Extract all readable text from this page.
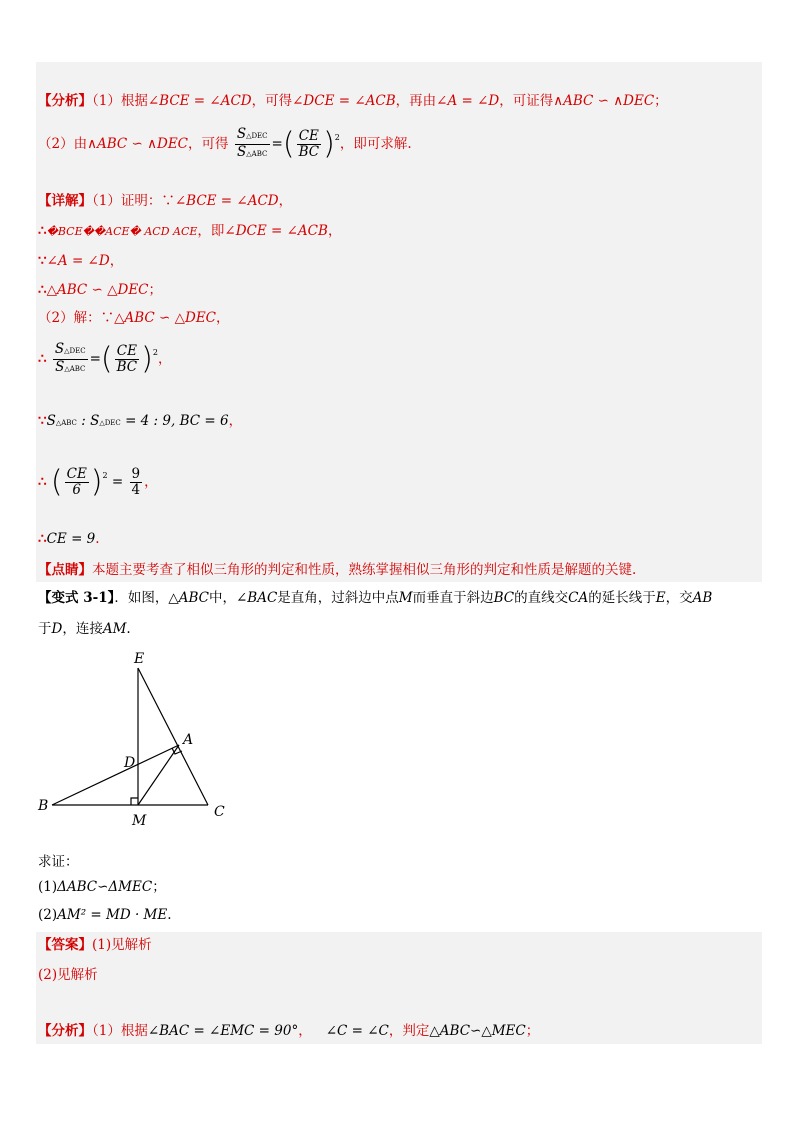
【分析】（1）根据∠BCE = ∠ACD，可得∠DCE = ∠ACB，再由∠A = ∠D，可证得∧ABC ∽ ∧DEC；
（2）由∧ABC ∽ ∧DEC，可得 $\frac{\text{S△DEC}}{\text{S△ABC}}$ =( $\frac{CE}{BC} )^2$，即可求解.
【详解】（1）证明：∵∠BCE = ∠ACD，
∴�BCE��ACE� ACD ACE，即∠DCE = ∠ACB，
∵∠A = ∠D，
∴△ABC ∽ △DEC；
（2）解：∵△ABC ∽ △DEC，
∴ $\frac{\text{S△DEC}}{\text{S△ABC}}$ =( $\frac{CE}{BC} )^2$，
∵S△ABC : S△DEC = 4 : 9, BC = 6，
∴ ( $\frac{CE}{6} )^2 = \frac{9}{4}$ ，
∴CE = 9.
【点睛】本题主要考查了相似三角形的判定和性质，熟练掌握相似三角形的判定和性质是解题的关键.
【变式 3-1】．如图，△ABC中，∠BAC是直角，过斜边中点M而垂直于斜边BC的直线交CA的延长线于E，交AB
于D，连接AM.
E
A
D
B
M
C
求证：
(1)ΔABC∽ΔMEC；
(2)AM² = MD · ME.
【答案】(1)见解析
(2)见解析
【分析】（1）根据∠BAC = ∠EMC = 90°， ∠C = ∠C，判定△ABC∽△MEC；
